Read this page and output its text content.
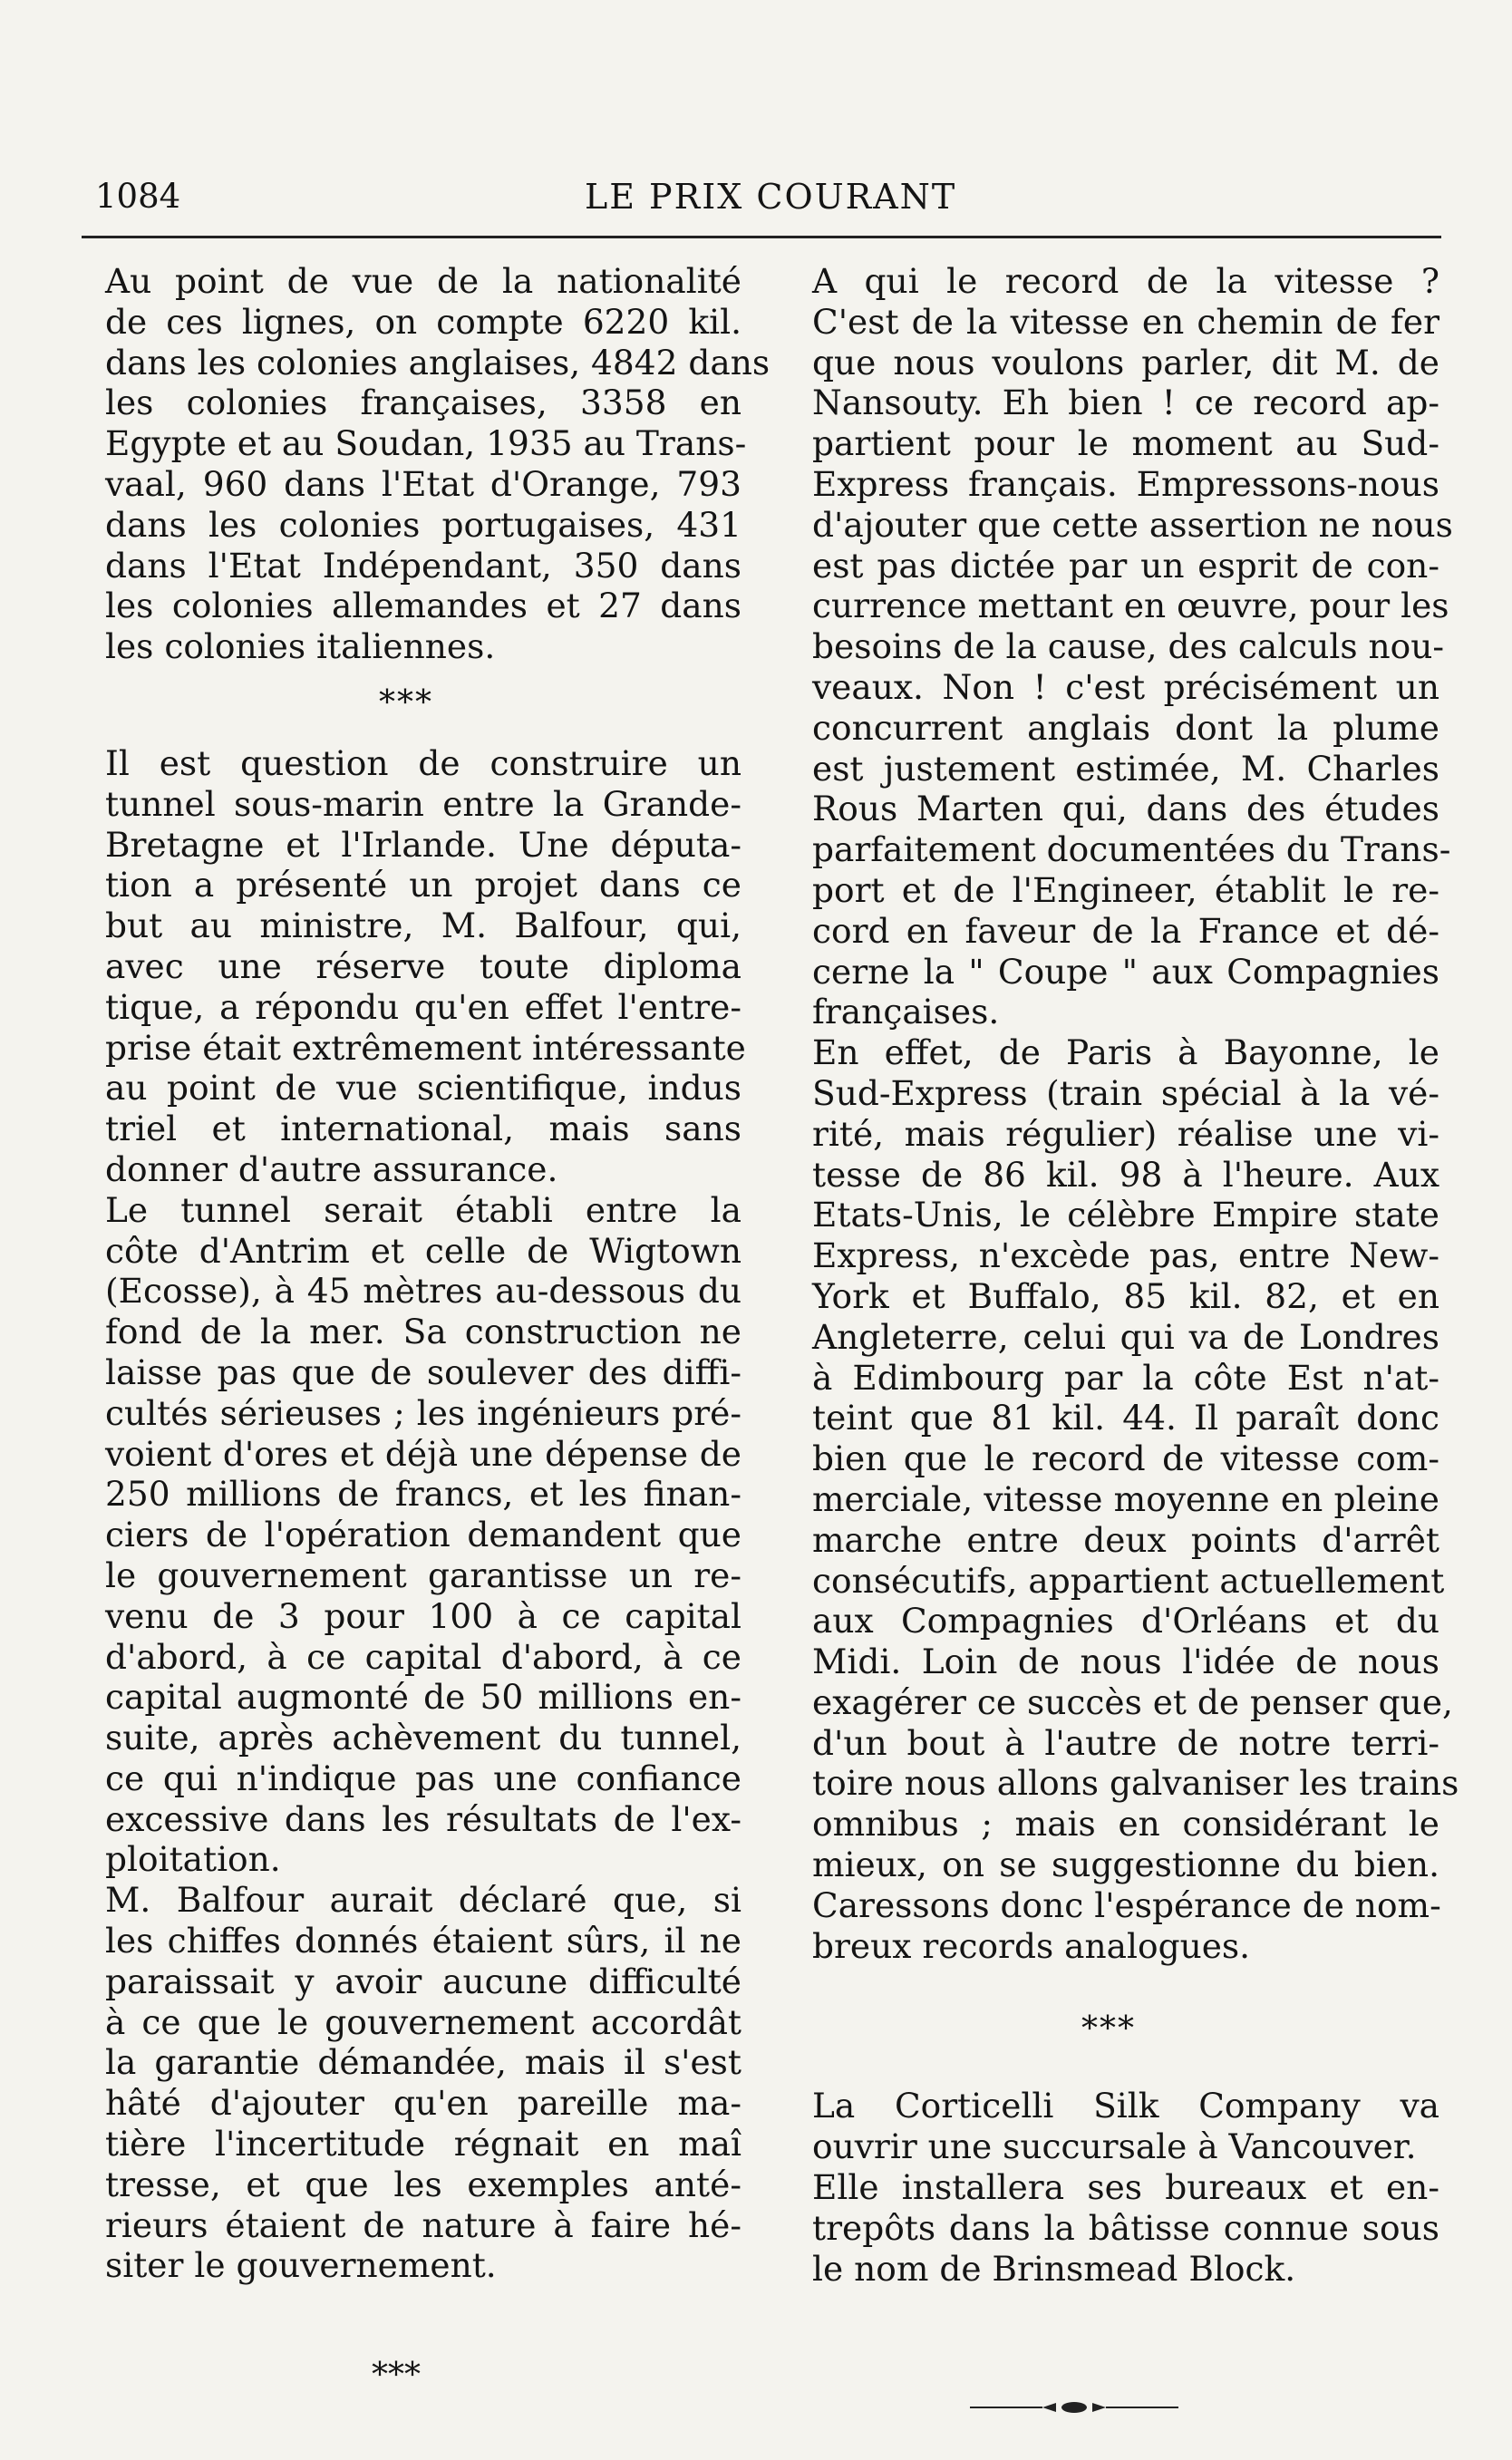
1084	LE PRIX COURANT

Au point de vue de la nationalité
de ces lignes, on compte 6220 kil.
dans les colonies anglaises, 4842 dans
les colonies françaises, 3358 en
Egypte et au Soudan, 1935 au Trans-
vaal, 960 dans l'Etat d'Orange, 793
dans les colonies portugaises, 431
dans l'Etat Indépendant, 350 dans
les colonies allemandes et 27 dans
les colonies italiennes.

***

Il est question de construire un
tunnel sous-marin entre la Grande-
Bretagne et l'Irlande. Une députa-
tion a présenté un projet dans ce
but au ministre, M. Balfour, qui,
avec une réserve toute diploma
tique, a répondu qu'en effet l'entre-
prise était extrêmement intéressante
au point de vue scientifique, indus
triel et international, mais sans
donner d'autre assurance.

Le tunnel serait établi entre la
côte d'Antrim et celle de Wigtown
(Ecosse), à 45 mètres au-dessous du
fond de la mer. Sa construction ne
laisse pas que de soulever des diffi-
cultés sérieuses ; les ingénieurs pré-
voient d'ores et déjà une dépense de
250 millions de francs, et les finan-
ciers de l'opération demandent que
le gouvernement garantisse un re-
venu de 3 pour 100 à ce capital
d'abord, à ce capital d'abord, à ce
capital augmonté de 50 millions en-
suite, après achèvement du tunnel,
ce qui n'indique pas une confiance
excessive dans les résultats de l'ex-
ploitation.

M. Balfour aurait déclaré que, si
les chiffes donnés étaient sûrs, il ne
paraissait y avoir aucune difficulté
à ce que le gouvernement accordât
la garantie démandée, mais il s'est
hâté d'ajouter qu'en pareille ma-
tière l'incertitude régnait en maî
tresse, et que les exemples anté-
rieurs étaient de nature à faire hé-
siter le gouvernement.

***

A qui le record de la vitesse ?
C'est de la vitesse en chemin de fer
que nous voulons parler, dit M. de
Nansouty. Eh bien ! ce record ap-
partient pour le moment au Sud-
Express français. Empressons-nous
d'ajouter que cette assertion ne nous
est pas dictée par un esprit de con-
currence mettant en œuvre, pour les
besoins de la cause, des calculs nou-
veaux. Non ! c'est précisément un
concurrent anglais dont la plume
est justement estimée, M. Charles
Rous Marten qui, dans des études
parfaitement documentées du Trans-
port et de l'Engineer, établit le re-
cord en faveur de la France et dé-
cerne la " Coupe " aux Compagnies
françaises.

En effet, de Paris à Bayonne, le
Sud-Express (train spécial à la vé-
rité, mais régulier) réalise une vi-
tesse de 86 kil. 98 à l'heure. Aux
Etats-Unis, le célèbre Empire state
Express, n'excède pas, entre New-
York et Buffalo, 85 kil. 82, et en
Angleterre, celui qui va de Londres
à Edimbourg par la côte Est n'at-
teint que 81 kil. 44. Il paraît donc
bien que le record de vitesse com-
merciale, vitesse moyenne en pleine
marche entre deux points d'arrêt
consécutifs, appartient actuellement
aux Compagnies d'Orléans et du
Midi. Loin de nous l'idée de nous
exagérer ce succès et de penser que,
d'un bout à l'autre de notre terri-
toire nous allons galvaniser les trains
omnibus ; mais en considérant le
mieux, on se suggestionne du bien.
Caressons donc l'espérance de nom-
breux records analogues.

***

La Corticelli Silk Company va
ouvrir une succursale à Vancouver.

Elle installera ses bureaux et en-
trepôts dans la bâtisse connue sous
le nom de Brinsmead Block.
